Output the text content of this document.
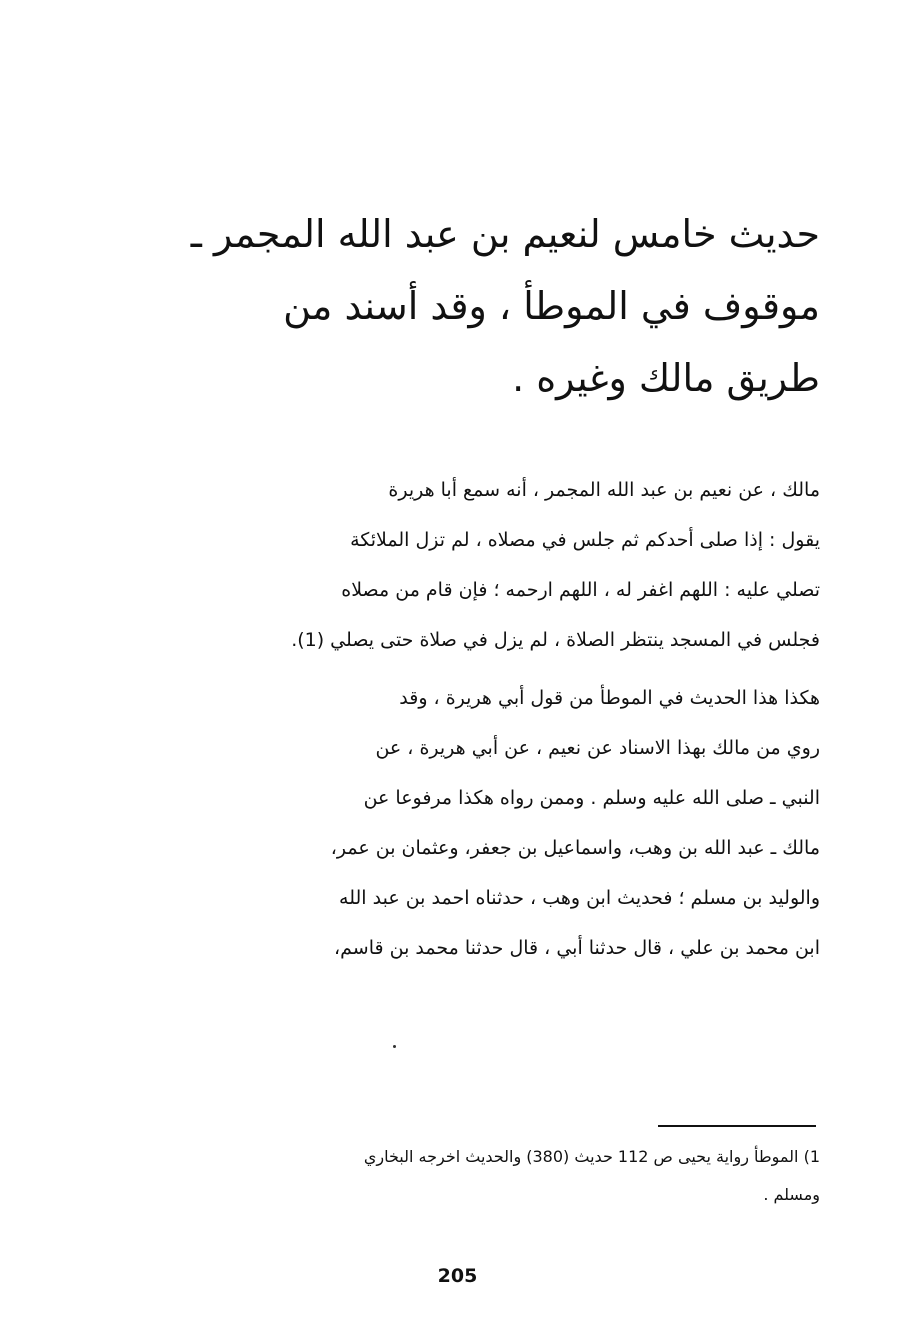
حديث خامس لنعيم بن عبد الله المجمر ـ
موقوف في الموطأ ، وقد أسند من
طريق مالك وغيره .
مالك ، عن نعيم بن عبد الله المجمر ، أنه سمع أبا هريرة
يقول : إذا صلى أحدكم ثم جلس في مصلاه ، لم تزل الملائكة
تصلي عليه : اللهم اغفر له ، اللهم ارحمه ؛ فإن قام من مصلاه
فجلس في المسجد ينتظر الصلاة ، لم يزل في صلاة حتى يصلي (1).
هكذا هذا الحديث في الموطأ من قول أبي هريرة ، وقد
روي من مالك بهذا الاسناد عن نعيم ، عن أبي هريرة ، عن
النبي ـ صلى الله عليه وسلم . وممن رواه هكذا مرفوعا عن
مالك ـ عبد الله بن وهب، واسماعيل بن جعفر، وعثمان بن عمر،
والوليد بن مسلم ؛ فحديث ابن وهب ، حدثناه احمد بن عبد الله
ابن محمد بن علي ، قال حدثنا أبي ، قال حدثنا محمد بن قاسم،
1) الموطأ رواية يحيى ص 112 حديث (380) والحديث اخرجه البخاري
ومسلم .
205
